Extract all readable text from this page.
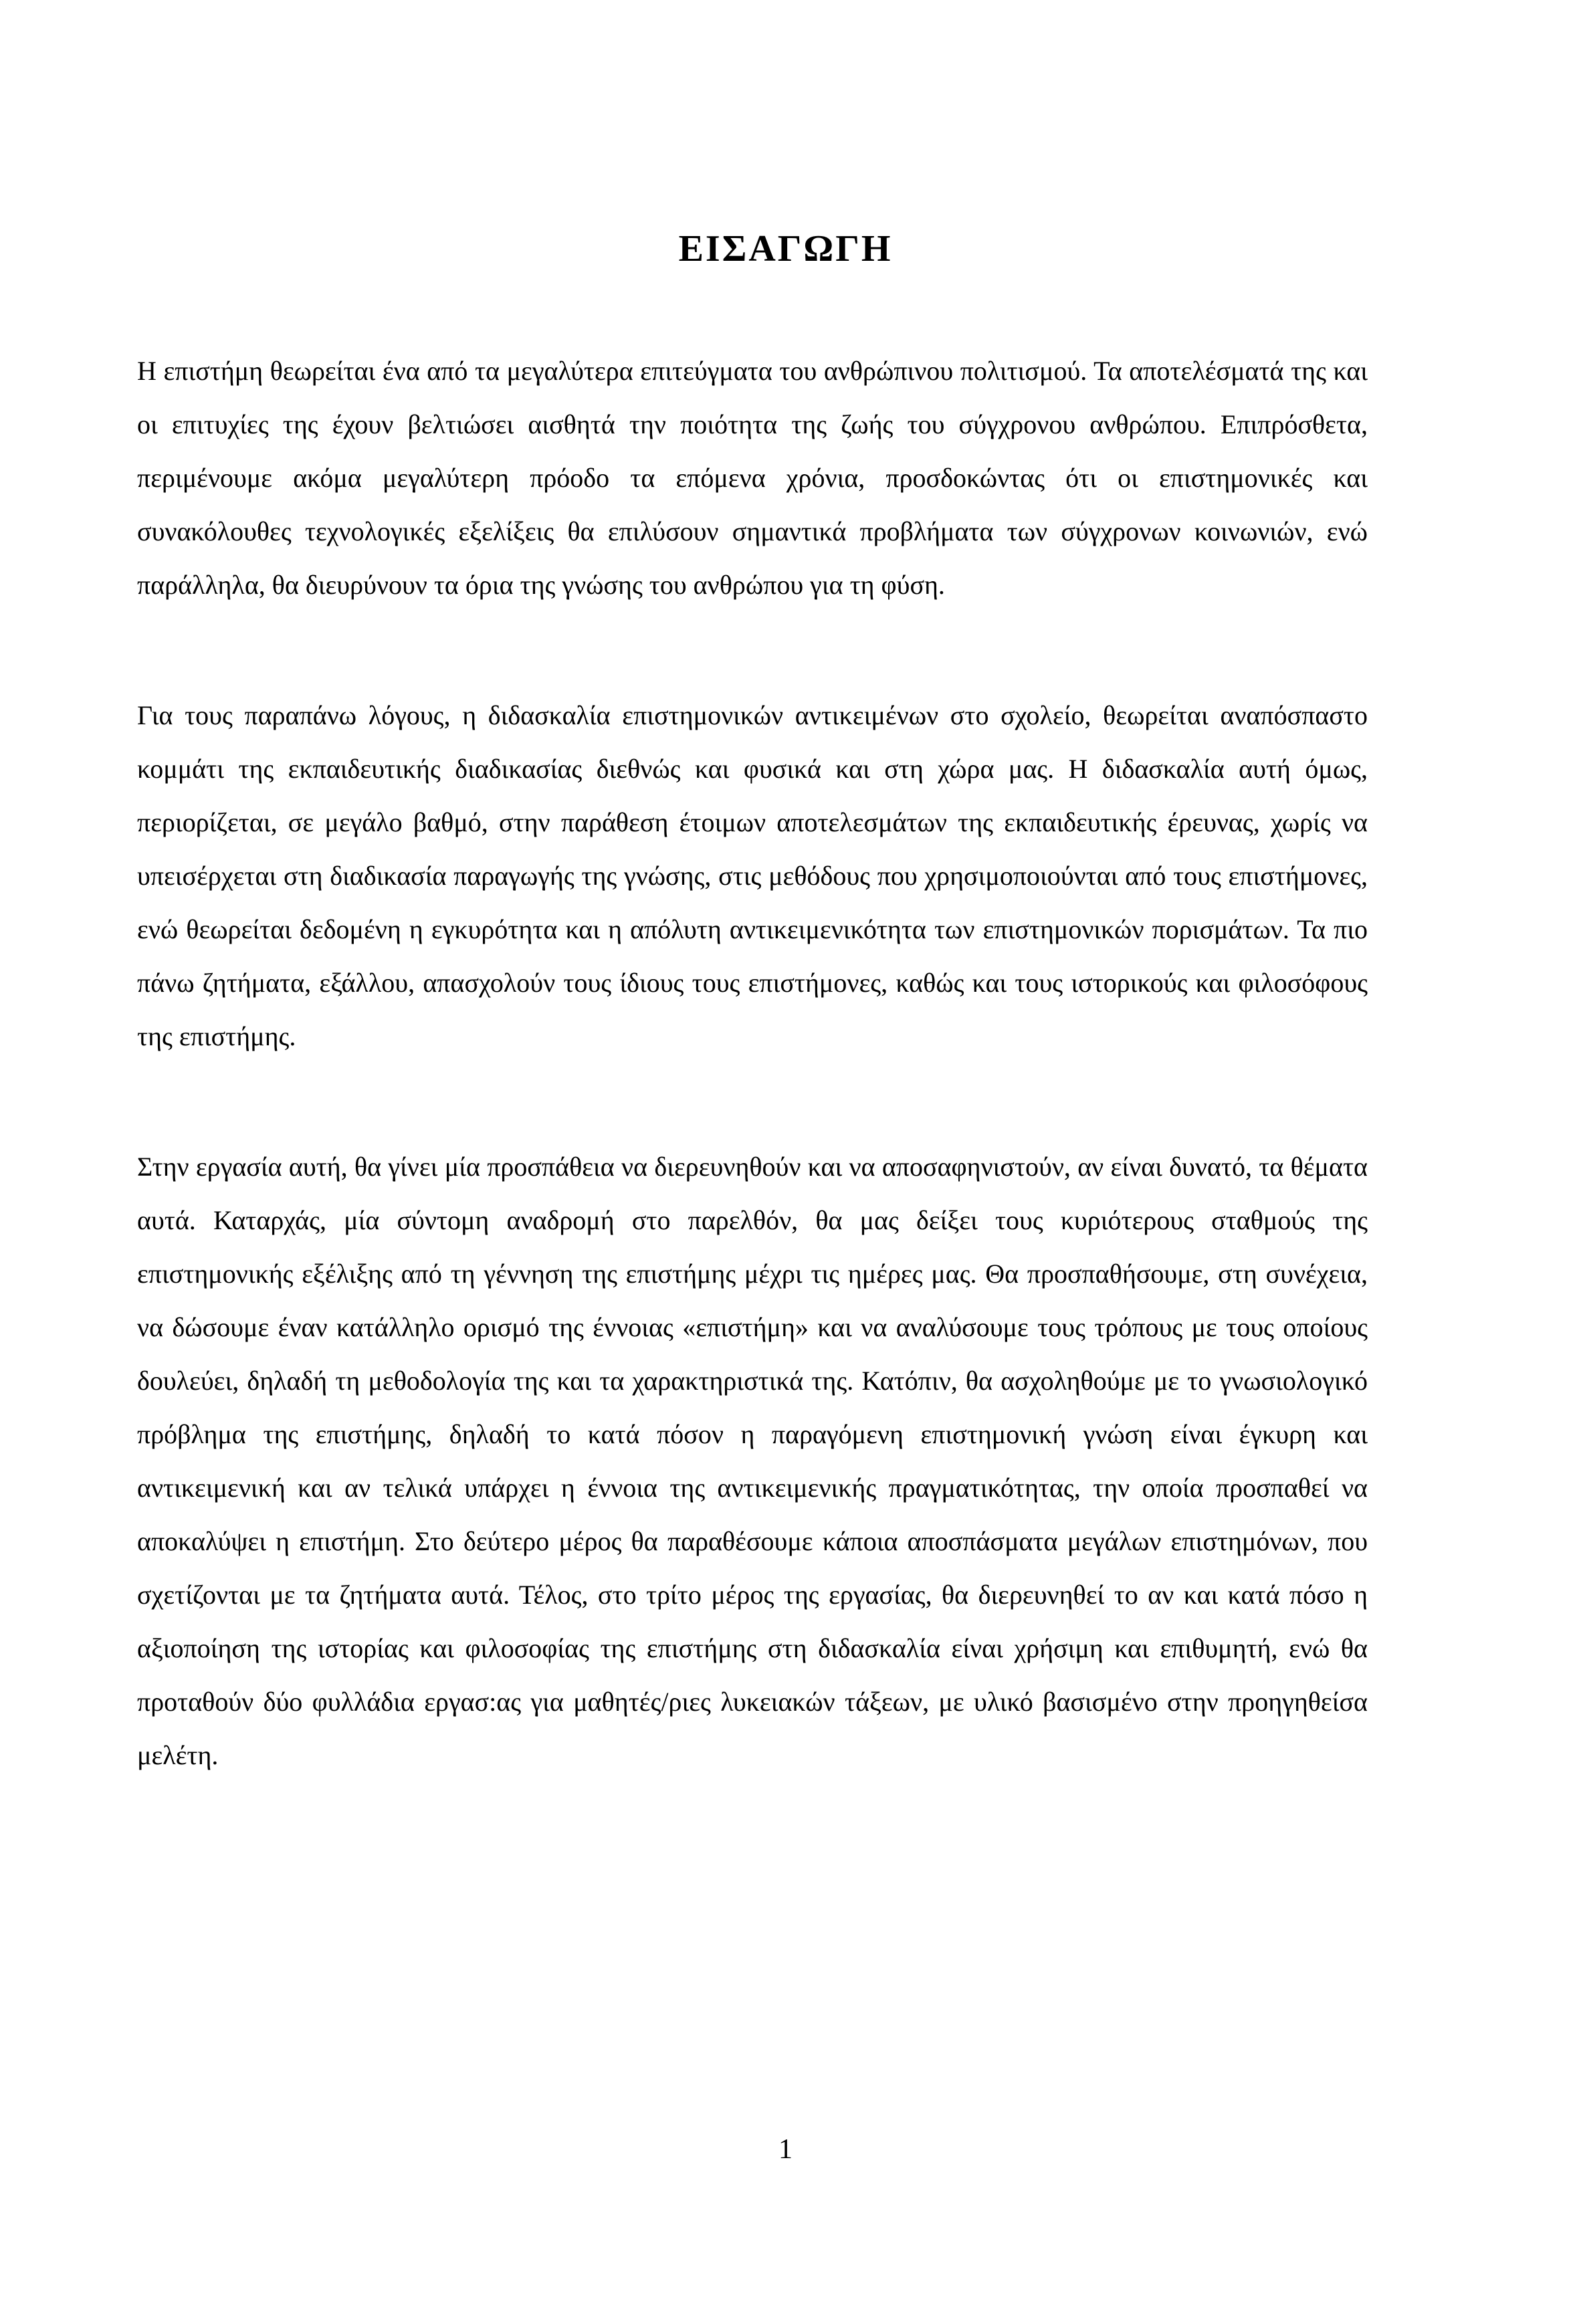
ΕΙΣΑΓΩΓΗ

Η επιστήμη θεωρείται ένα από τα μεγαλύτερα επιτεύγματα του ανθρώπινου πολιτισμού. Τα αποτελέσματά της και οι επιτυχίες της έχουν βελτιώσει αισθητά την ποιότητα της ζωής του σύγχρονου ανθρώπου. Επιπρόσθετα, περιμένουμε ακόμα μεγαλύτερη πρόοδο τα επόμενα χρόνια, προσδοκώντας ότι οι επιστημονικές και συνακόλουθες τεχνολογικές εξελίξεις θα επιλύσουν σημαντικά προβλήματα των σύγχρονων κοινωνιών, ενώ παράλληλα, θα διευρύνουν τα όρια της γνώσης του ανθρώπου για τη φύση.

Για τους παραπάνω λόγους, η διδασκαλία επιστημονικών αντικειμένων στο σχολείο, θεωρείται αναπόσπαστο κομμάτι της εκπαιδευτικής διαδικασίας διεθνώς και φυσικά και στη χώρα μας. Η διδασκαλία αυτή όμως, περιορίζεται, σε μεγάλο βαθμό, στην παράθεση έτοιμων αποτελεσμάτων της εκπαιδευτικής έρευνας, χωρίς να υπεισέρχεται στη διαδικασία παραγωγής της γνώσης, στις μεθόδους που χρησιμοποιούνται από τους επιστήμονες, ενώ θεωρείται δεδομένη η εγκυρότητα και η απόλυτη αντικειμενικότητα των επιστημονικών πορισμάτων. Τα πιο πάνω ζητήματα, εξάλλου, απασχολούν τους ίδιους τους επιστήμονες, καθώς και τους ιστορικούς και φιλοσόφους της επιστήμης.

Στην εργασία αυτή, θα γίνει μία προσπάθεια να διερευνηθούν και να αποσαφηνιστούν, αν είναι δυνατό, τα θέματα αυτά. Καταρχάς, μία σύντομη αναδρομή στο παρελθόν, θα μας δείξει τους κυριότερους σταθμούς της επιστημονικής εξέλιξης από τη γέννηση της επιστήμης μέχρι τις ημέρες μας. Θα προσπαθήσουμε, στη συνέχεια, να δώσουμε έναν κατάλληλο ορισμό της έννοιας «επιστήμη» και να αναλύσουμε τους τρόπους με τους οποίους δουλεύει, δηλαδή τη μεθοδολογία της και τα χαρακτηριστικά της. Κατόπιν, θα ασχοληθούμε με το γνωσιολογικό πρόβλημα της επιστήμης, δηλαδή το κατά πόσον η παραγόμενη επιστημονική γνώση είναι έγκυρη και αντικειμενική και αν τελικά υπάρχει η έννοια της αντικειμενικής πραγματικότητας, την οποία προσπαθεί να αποκαλύψει η επιστήμη. Στο δεύτερο μέρος θα παραθέσουμε κάποια αποσπάσματα μεγάλων επιστημόνων, που σχετίζονται με τα ζητήματα αυτά. Τέλος, στο τρίτο μέρος της εργασίας, θα διερευνηθεί το αν και κατά πόσο η αξιοποίηση της ιστορίας και φιλοσοφίας της επιστήμης στη διδασκαλία είναι χρήσιμη και επιθυμητή, ενώ θα προταθούν δύο φυλλάδια εργασ:ας για μαθητές/ριες λυκειακών τάξεων, με υλικό βασισμένο στην προηγηθείσα μελέτη.

1
